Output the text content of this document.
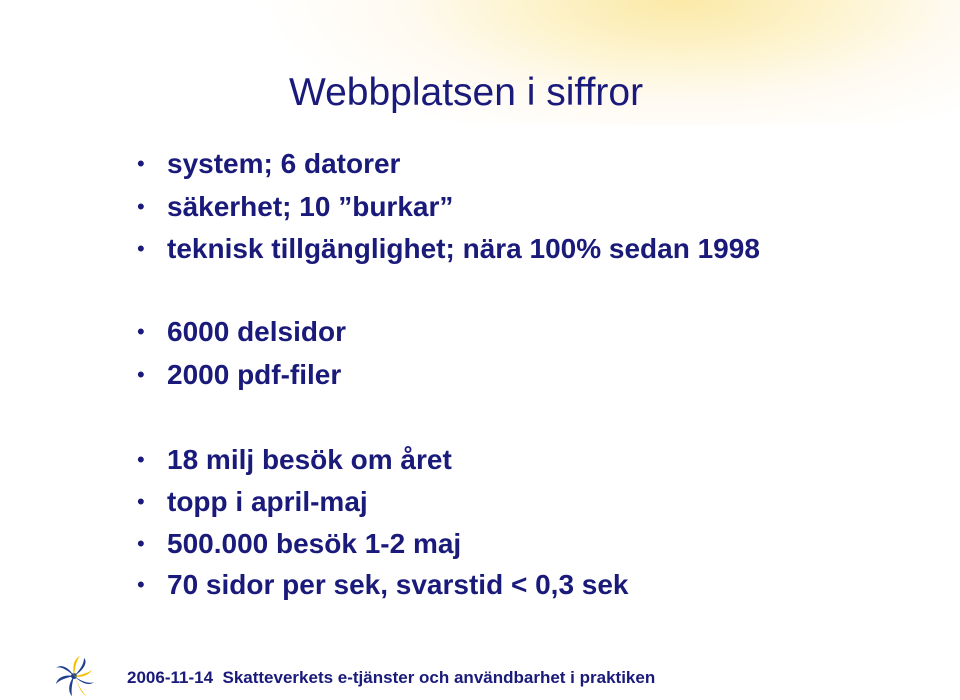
Webbplatsen i siffror
• system; 6 datorer
• säkerhet; 10 ”burkar”
• teknisk tillgänglighet; nära 100% sedan 1998
• 6000 delsidor
• 2000 pdf-filer
• 18 milj besök om året
• topp i april-maj
• 500.000 besök 1-2 maj
• 70 sidor per sek, svarstid < 0,3 sek
2006-11-14 Skatteverkets e-tjänster och användbarhet i praktiken
